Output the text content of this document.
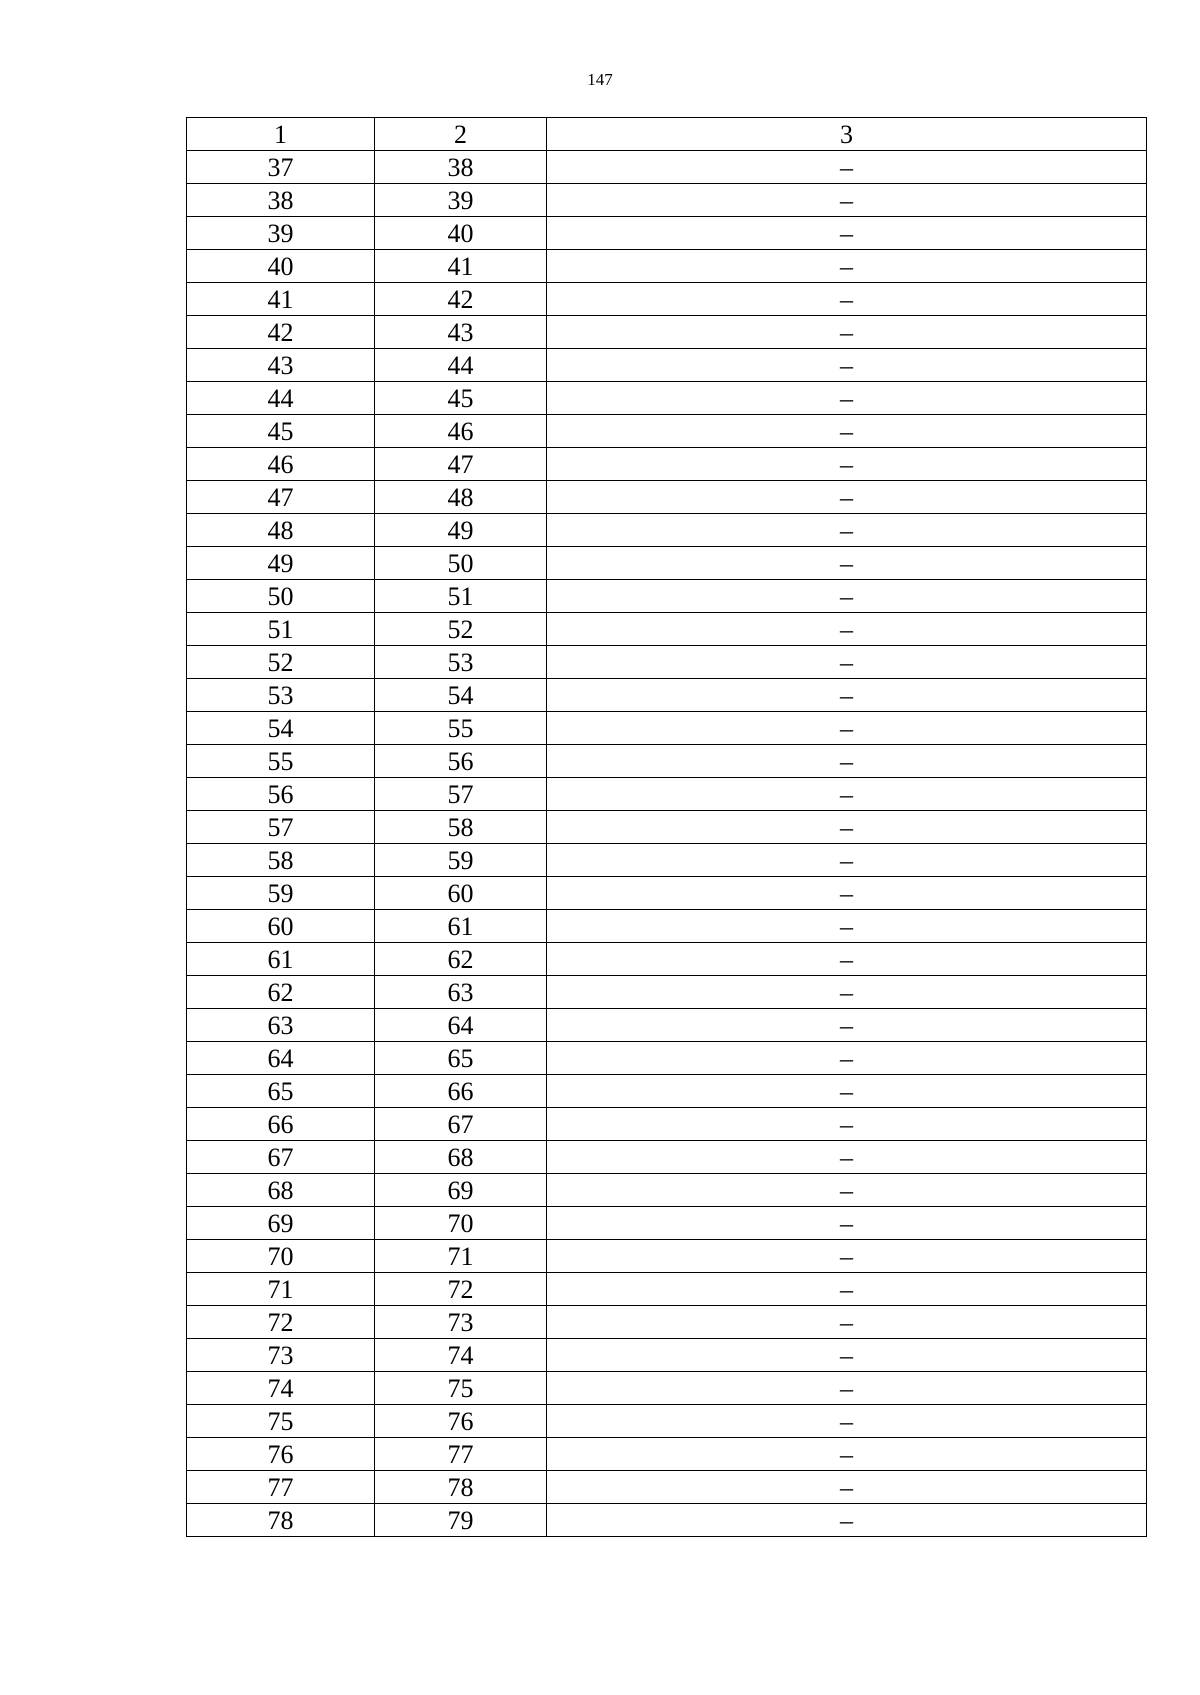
147
1	2	3
37	38	–
38	39	–
39	40	–
40	41	–
41	42	–
42	43	–
43	44	–
44	45	–
45	46	–
46	47	–
47	48	–
48	49	–
49	50	–
50	51	–
51	52	–
52	53	–
53	54	–
54	55	–
55	56	–
56	57	–
57	58	–
58	59	–
59	60	–
60	61	–
61	62	–
62	63	–
63	64	–
64	65	–
65	66	–
66	67	–
67	68	–
68	69	–
69	70	–
70	71	–
71	72	–
72	73	–
73	74	–
74	75	–
75	76	–
76	77	–
77	78	–
78	79	–
